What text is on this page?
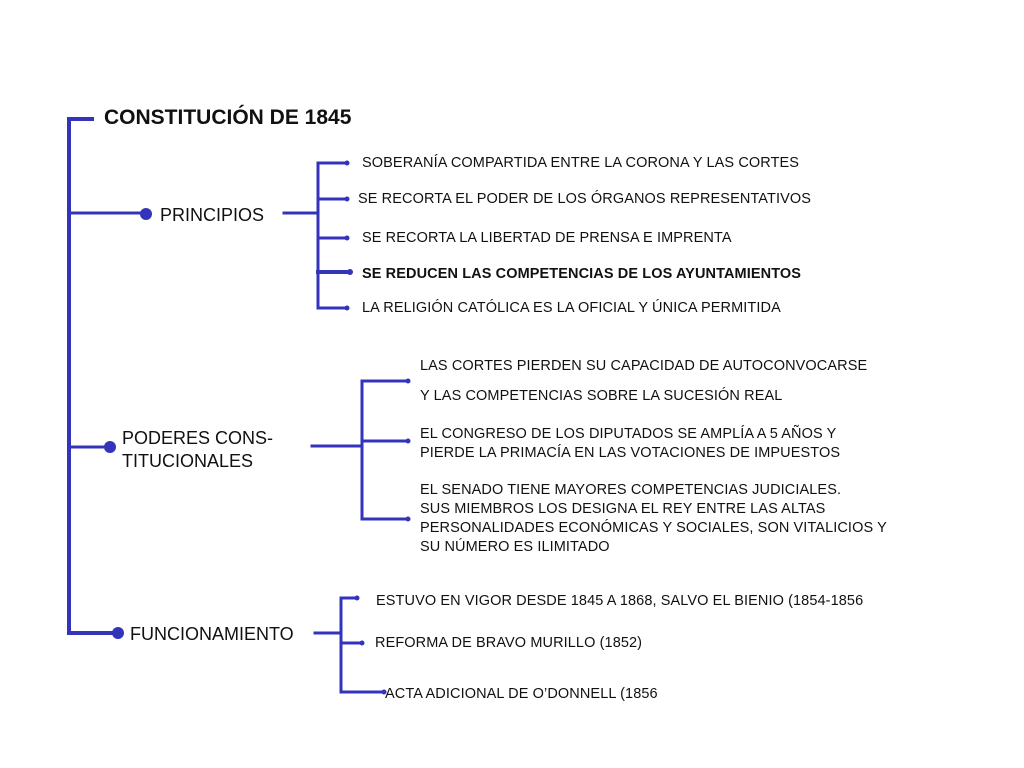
CONSTITUCIÓN DE 1845
PRINCIPIOS
PODERES CONS-
TITUCIONALES
FUNCIONAMIENTO
SOBERANÍA COMPARTIDA ENTRE LA CORONA Y LAS CORTES
SE RECORTA EL PODER DE LOS ÓRGANOS REPRESENTATIVOS
SE RECORTA LA LIBERTAD DE PRENSA E IMPRENTA
SE REDUCEN LAS COMPETENCIAS DE LOS AYUNTAMIENTOS
LA RELIGIÓN CATÓLICA ES LA OFICIAL Y ÚNICA PERMITIDA
LAS CORTES PIERDEN SU CAPACIDAD DE AUTOCONVOCARSE
Y LAS COMPETENCIAS SOBRE LA SUCESIÓN REAL
EL CONGRESO DE LOS DIPUTADOS SE AMPLÍA A 5 AÑOS Y
PIERDE LA PRIMACÍA EN LAS VOTACIONES DE IMPUESTOS
EL SENADO TIENE MAYORES COMPETENCIAS JUDICIALES.
SUS MIEMBROS LOS DESIGNA EL REY ENTRE LAS ALTAS
PERSONALIDADES ECONÓMICAS Y SOCIALES, SON VITALICIOS Y
SU NÚMERO ES ILIMITADO
ESTUVO EN VIGOR DESDE 1845 A 1868, SALVO EL BIENIO (1854-1856
REFORMA DE BRAVO MURILLO (1852)
ACTA ADICIONAL DE O’DONNELL (1856
